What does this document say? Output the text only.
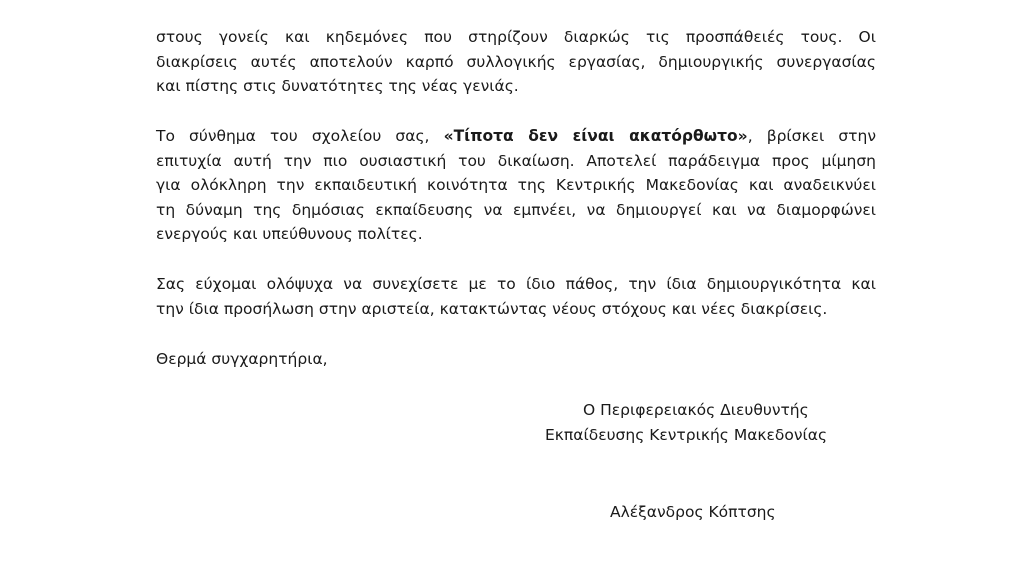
στους γονείς και κηδεμόνες που στηρίζουν διαρκώς τις προσπάθειές τους. Οι
διακρίσεις αυτές αποτελούν καρπό συλλογικής εργασίας, δημιουργικής συνεργασίας
και πίστης στις δυνατότητες της νέας γενιάς.

Το σύνθημα του σχολείου σας, «Τίποτα δεν είναι ακατόρθωτο», βρίσκει στην
επιτυχία αυτή την πιο ουσιαστική του δικαίωση. Αποτελεί παράδειγμα προς μίμηση
για ολόκληρη την εκπαιδευτική κοινότητα της Κεντρικής Μακεδονίας και αναδεικνύει
τη δύναμη της δημόσιας εκπαίδευσης να εμπνέει, να δημιουργεί και να διαμορφώνει
ενεργούς και υπεύθυνους πολίτες.

Σας εύχομαι ολόψυχα να συνεχίσετε με το ίδιο πάθος, την ίδια δημιουργικότητα και
την ίδια προσήλωση στην αριστεία, κατακτώντας νέους στόχους και νέες διακρίσεις.

Θερμά συγχαρητήρια,

Ο Περιφερειακός Διευθυντής

Εκπαίδευσης Κεντρικής Μακεδονίας

Αλέξανδρος Κόπτσης
